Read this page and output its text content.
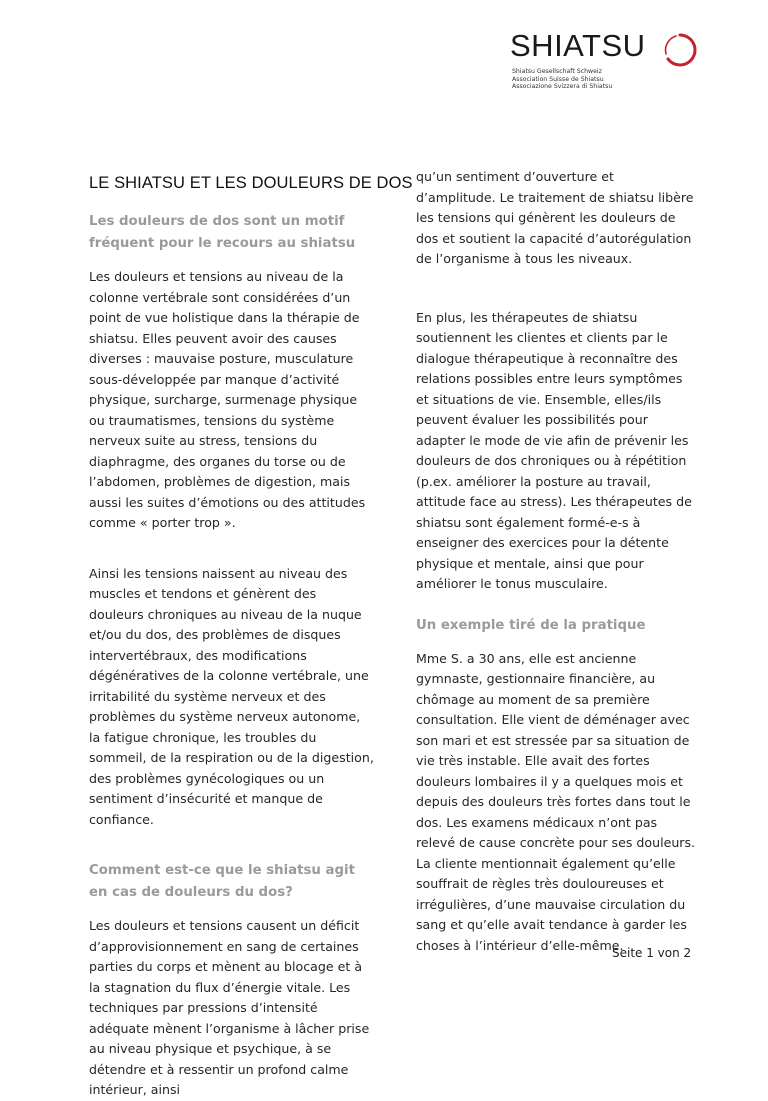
SHIATSU
Shiatsu Gesellschaft Schweiz
Association Suisse de Shiatsu
Associazione Svizzera di Shiatsu
LE SHIATSU ET LES DOULEURS DE DOS
Les douleurs de dos sont un motif fréquent pour le recours au shiatsu

Les douleurs et tensions au niveau de la colonne vertébrale sont considérées d’un point de vue holistique dans la thérapie de shiatsu. Elles peuvent avoir des causes diverses : mauvaise posture, musculature sous-développée par manque d’activité physique, surcharge, surmenage physique ou traumatismes, tensions du système nerveux suite au stress, tensions du diaphragme, des organes du torse ou de l’abdomen, problèmes de digestion, mais aussi les suites d’émotions ou des attitudes comme « porter trop ».

Ainsi les tensions naissent au niveau des muscles et tendons et génèrent des douleurs chroniques au niveau de la nuque et/ou du dos, des problèmes de disques intervertébraux, des modifications dégénératives de la colonne vertébrale, une irritabilité du système nerveux et des problèmes du système nerveux autonome, la fatigue chronique, les troubles du sommeil, de la respiration ou de la digestion, des problèmes gynécologiques ou un sentiment d’insécurité et manque de confiance.

Comment est-ce que le shiatsu agit en cas de douleurs du dos?

Les douleurs et tensions causent un déficit d’approvisionnement en sang de certaines parties du corps et mènent au blocage et à la stagnation du flux d’énergie vitale. Les techniques par pressions d’intensité adéquate mènent l’organisme à lâcher prise au niveau physique et psychique, à se détendre et à ressentir un profond calme intérieur, ainsi

qu’un sentiment d’ouverture et d’amplitude. Le traitement de shiatsu libère les tensions qui génèrent les douleurs de dos et soutient la capacité d’autorégulation de l’organisme à tous les niveaux.

En plus, les thérapeutes de shiatsu soutiennent les clientes et clients par le dialogue thérapeutique à reconnaître des relations possibles entre leurs symptômes et situations de vie. Ensemble, elles/ils peuvent évaluer les possibilités pour adapter le mode de vie afin de prévenir les douleurs de dos chroniques ou à répétition (p.ex. améliorer la posture au travail, attitude face au stress). Les thérapeutes de shiatsu sont également formé-e-s à enseigner des exercices pour la détente physique et mentale, ainsi que pour améliorer le tonus musculaire.

Un exemple tiré de la pratique

Mme S. a 30 ans, elle est ancienne gymnaste, gestionnaire financière, au chômage au moment de sa première consultation. Elle vient de déménager avec son mari et est stressée par sa situation de vie très instable. Elle avait des fortes douleurs lombaires il y a quelques mois et depuis des douleurs très fortes dans tout le dos. Les examens médicaux n’ont pas relevé de cause concrète pour ses douleurs. La cliente mentionnait également qu’elle souffrait de règles très douloureuses et irrégulières, d’une mauvaise circulation du sang et qu’elle avait tendance à garder les choses à l’intérieur d’elle-même.

Seite 1 von 2
